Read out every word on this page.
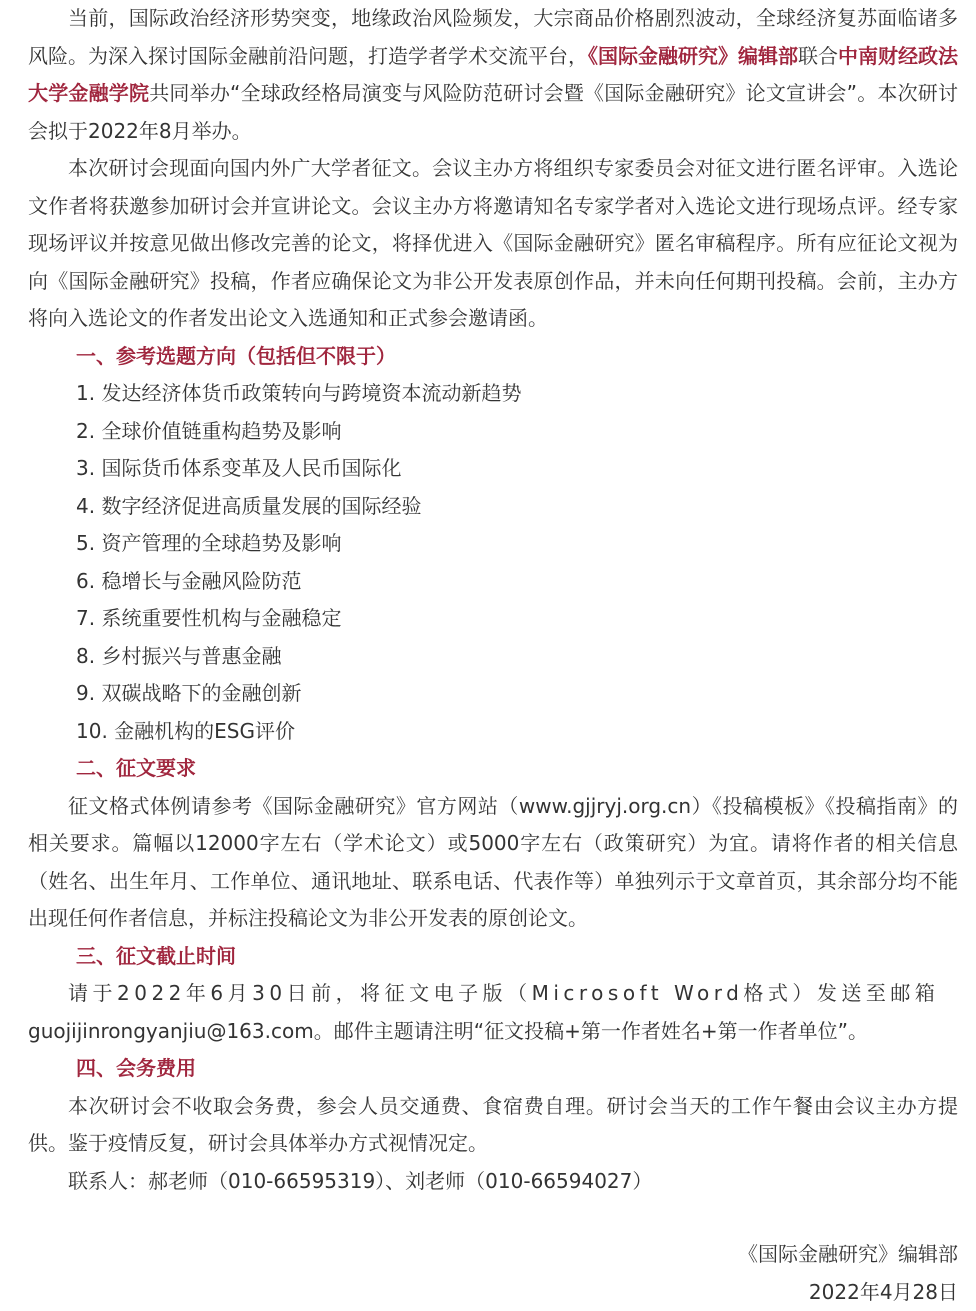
当前，国际政治经济形势突变，地缘政治风险频发，大宗商品价格剧烈波动，全球经济复苏面临诸多风险。为深入探讨国际金融前沿问题，打造学者学术交流平台，《国际金融研究》编辑部联合中南财经政法大学金融学院共同举办“全球政经格局演变与风险防范研讨会暨《国际金融研究》论文宣讲会”。本次研讨会拟于2022年8月举办。

本次研讨会现面向国内外广大学者征文。会议主办方将组织专家委员会对征文进行匿名评审。入选论文作者将获邀参加研讨会并宣讲论文。会议主办方将邀请知名专家学者对入选论文进行现场点评。经专家现场评议并按意见做出修改完善的论文，将择优进入《国际金融研究》匿名审稿程序。所有应征论文视为向《国际金融研究》投稿，作者应确保论文为非公开发表原创作品，并未向任何期刊投稿。会前，主办方将向入选论文的作者发出论文入选通知和正式参会邀请函。

一、参考选题方向（包括但不限于）

1. 发达经济体货币政策转向与跨境资本流动新趋势
2. 全球价值链重构趋势及影响
3. 国际货币体系变革及人民币国际化
4. 数字经济促进高质量发展的国际经验
5. 资产管理的全球趋势及影响
6. 稳增长与金融风险防范
7. 系统重要性机构与金融稳定
8. 乡村振兴与普惠金融
9. 双碳战略下的金融创新
10. 金融机构的ESG评价

二、征文要求

征文格式体例请参考《国际金融研究》官方网站（www.gjjryj.org.cn）《投稿模板》《投稿指南》的相关要求。篇幅以12000字左右（学术论文）或5000字左右（政策研究）为宜。请将作者的相关信息（姓名、出生年月、工作单位、通讯地址、联系电话、代表作等）单独列示于文章首页，其余部分均不能出现任何作者信息，并标注投稿论文为非公开发表的原创论文。

三、征文截止时间

请于2022年6月30日前，将征文电子版（Microsoft Word格式）发送至邮箱

guojijinrongyanjiu@163.com。邮件主题请注明“征文投稿+第一作者姓名+第一作者单位”。

四、会务费用

本次研讨会不收取会务费，参会人员交通费、食宿费自理。研讨会当天的工作午餐由会议主办方提供。鉴于疫情反复，研讨会具体举办方式视情况定。

联系人：郝老师（010-66595319）、刘老师（010-66594027）

《国际金融研究》编辑部

2022年4月28日
